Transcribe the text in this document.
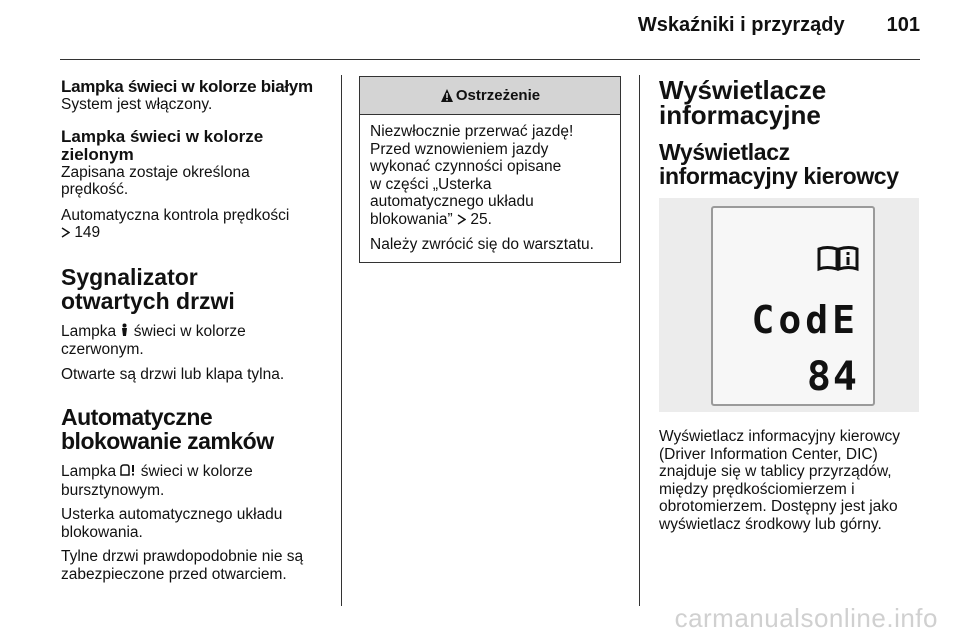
Wskaźniki i przyrządy 101

Lampka świeci w kolorze białym

System jest włączony.

Lampka świeci w kolorze zielonym

Zapisana zostaje określona prędkość.

Automatyczna kontrola prędkości
149

Sygnalizator otwartych drzwi

Lampka świeci w kolorze czerwonym.

Otwarte są drzwi lub klapa tylna.

Automatyczne blokowanie zamków

Lampka świeci w kolorze bursztynowym.

Usterka automatycznego układu blokowania.

Tylne drzwi prawdopodobnie nie są zabezpieczone przed otwarciem.

Ostrzeżenie

Niezwłocznie przerwać jazdę!
Przed wznowieniem jazdy
wykonać czynności opisane
w części „Usterka
automatycznego układu
blokowania” 25.

Należy zwrócić się do warsztatu.

Wyświetlacze informacyjne

Wyświetlacz informacyjny kierowcy

CodE
84

Wyświetlacz informacyjny kierowcy (Driver Information Center, DIC) znajduje się w tablicy przyrządów, między prędkościomierzem i obrotomierzem. Dostępny jest jako wyświetlacz środkowy lub górny.

carmanualsonline.info
